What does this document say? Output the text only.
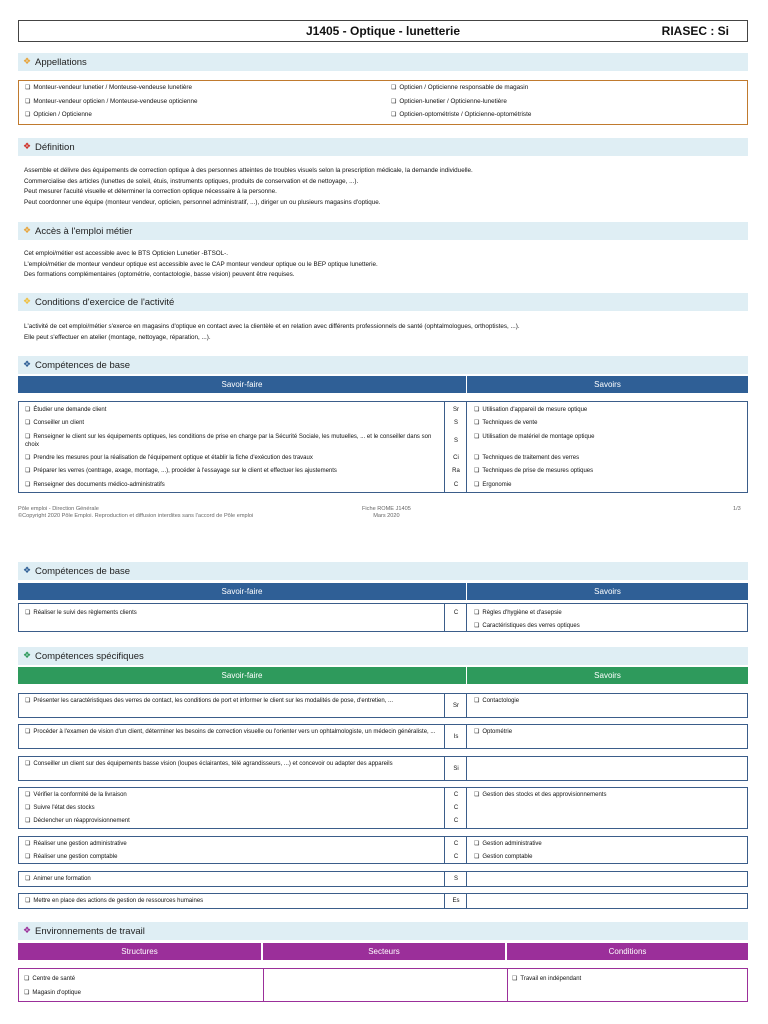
J1405 - Optique - lunetterie	RIASEC : Si
❖ Appellations
❏ Monteur-vendeur lunetier / Monteuse-vendeuse lunetière
❏ Monteur-vendeur opticien / Monteuse-vendeuse opticienne
❏ Opticien / Opticienne
❏ Opticien / Opticienne responsable de magasin
❏ Opticien-lunetier / Opticienne-lunetière
❏ Opticien-optométriste / Opticienne-optométriste
❖ Définition
Assemble et délivre des équipements de correction optique à des personnes atteintes de troubles visuels selon la prescription médicale, la demande individuelle.
Commercialise des articles (lunettes de soleil, étuis, instruments optiques, produits de conservation et de nettoyage, ...).
Peut mesurer l'acuité visuelle et déterminer la correction optique nécessaire à la personne.
Peut coordonner une équipe (monteur vendeur, opticien, personnel administratif, ...), diriger un ou plusieurs magasins d'optique.
❖ Accès à l'emploi métier
Cet emploi/métier est accessible avec le BTS Opticien Lunetier -BTSOL-.
L'emploi/métier de monteur vendeur optique est accessible avec le CAP monteur vendeur optique ou le BEP optique lunetterie.
Des formations complémentaires (optométrie, contactologie, basse vision) peuvent être requises.
❖ Conditions d'exercice de l'activité
L'activité de cet emploi/métier s'exerce en magasins d'optique en contact avec la clientèle et en relation avec différents professionnels de santé (ophtalmologues, orthoptistes, ...).
Elle peut s'effectuer en atelier (montage, nettoyage, réparation, ...).
❖ Compétences de base
Savoir-faire	Savoirs
❏ Étudier une demande client
❏ Conseiller un client
❏ Renseigner le client sur les équipements optiques, les conditions de prise en charge par la Sécurité Sociale, les mutuelles, ... et le conseiller dans son choix
❏ Prendre les mesures pour la réalisation de l'équipement optique et établir la fiche d'exécution des travaux
❏ Préparer les verres (centrage, axage, montage, ...), procéder à l'essayage sur le client et effectuer les ajustements
❏ Renseigner des documents médico-administratifs
Sr
S
S
Ci
Ra
C
❏ Utilisation d'appareil de mesure optique
❏ Techniques de vente
❏ Utilisation de matériel de montage optique
❏ Techniques de traitement des verres
❏ Techniques de prise de mesures optiques
❏ Ergonomie
Pôle emploi - Direction Générale
©Copyright 2020 Pôle Emploi. Reproduction et diffusion interdites sans l'accord de Pôle emploi
Fiche ROME J1405
Mars 2020
1/3
❖ Compétences de base
Savoir-faire	Savoirs
❏ Réaliser le suivi des règlements clients	C
❏	Règles d'hygiène et d'asepsie
❏ Caractéristiques des verres optiques
❖ Compétences spécifiques
Savoir-faire	Savoirs
❏ Présenter les caractéristiques des verres de contact, les conditions de port et informer le client sur les modalités de pose, d'entretien, ...
Sr
❏ Contactologie
❏ Procéder à l'examen de vision d'un client, déterminer les besoins de correction visuelle ou l'orienter vers un ophtalmologiste, un médecin généraliste, ...
Is
❏ Optométrie
❏ Conseiller un client sur des équipements basse vision (loupes éclairantes, télé agrandisseurs, ...) et concevoir ou adapter des appareils
Si
❏ Vérifier la conformité de la livraison
❏ Suivre l'état des stocks
❏ Déclencher un réapprovisionnement
C
C
C
❏ Gestion des stocks et des approvisionnements
❏ Réaliser une gestion administrative
❏ Réaliser une gestion comptable
C
C
❏ Gestion administrative
❏ Gestion comptable
❏ Animer une formation	S
❏ Mettre en place des actions de gestion de ressources humaines	Es
❖ Environnements de travail
Structures	Secteurs	Conditions
❏ Centre de santé
❏ Magasin d'optique
❏ Travail en indépendant
